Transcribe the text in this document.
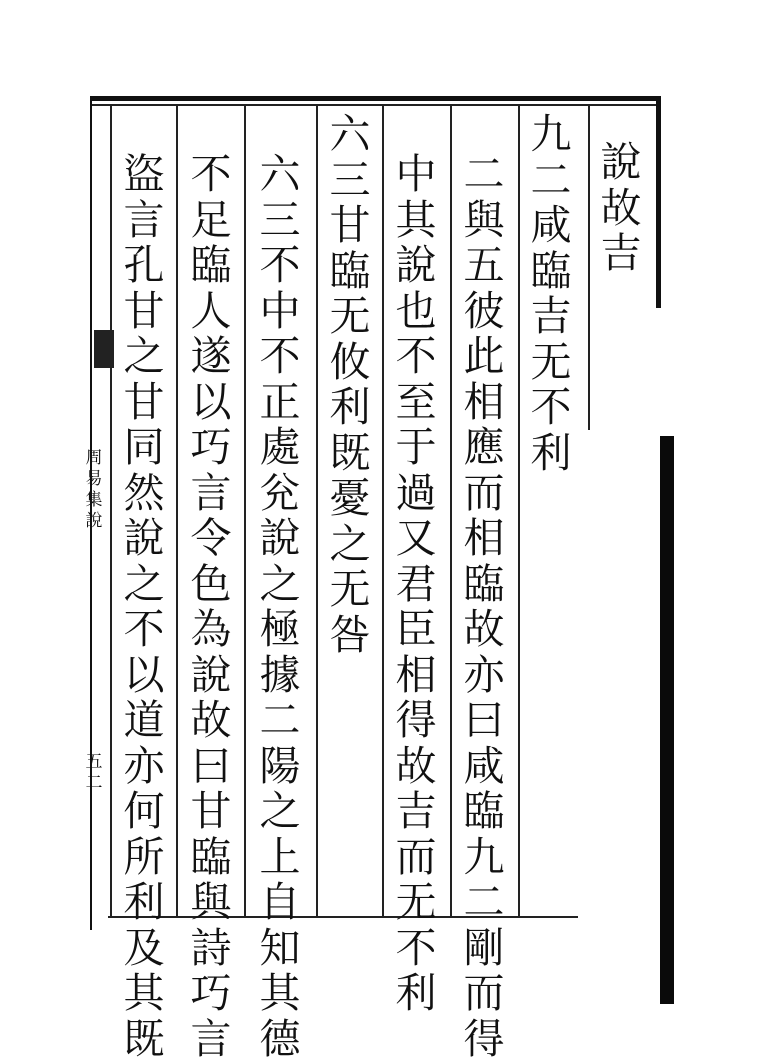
說故吉
九二咸臨吉无不利
二與五彼此相應而相臨故亦曰咸臨九二剛而得
中其說也不至于過又君臣相得故吉而无不利
六三甘臨无攸利既憂之无咎
六三不中不正處兊說之極據二陽之上自知其德
不足臨人遂以巧言令色為說故曰甘臨與詩巧言
盜言孔甘之甘同然說之不以道亦何所利及其既
周易集說
五二
